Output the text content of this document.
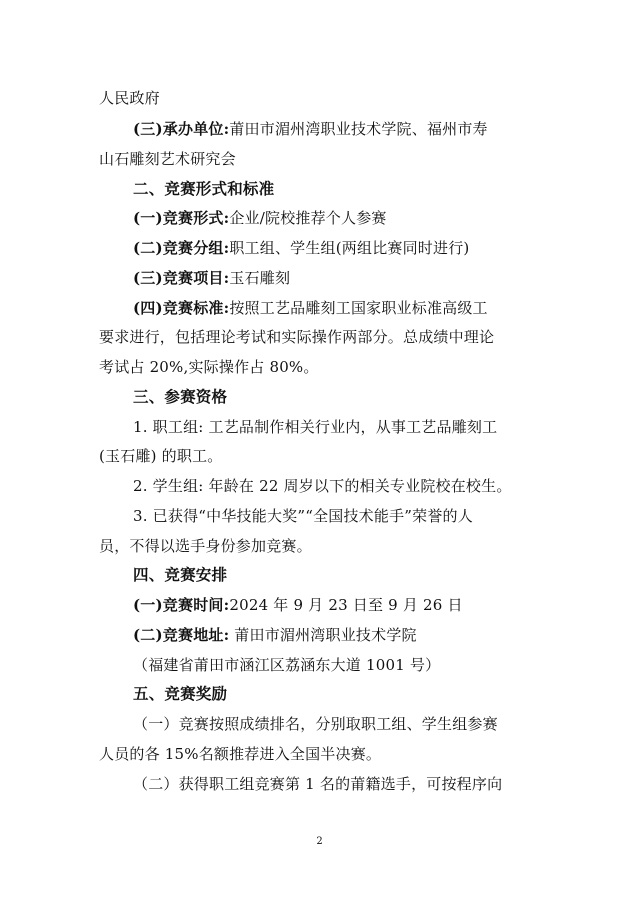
人民政府
(三)承办单位:莆田市湄州湾职业技术学院、福州市寿
山石雕刻艺术研究会
二、竞赛形式和标准
(一)竞赛形式:企业/院校推荐个人参赛
(二)竞赛分组:职工组、学生组(两组比赛同时进行)
(三)竞赛项目:玉石雕刻
(四)竞赛标准:按照工艺品雕刻工国家职业标准高级工
要求进行，包括理论考试和实际操作两部分。总成绩中理论
考试占 20%,实际操作占 80%。
三、参赛资格
1. 职工组: 工艺品制作相关行业内，从事工艺品雕刻工
(玉石雕) 的职工。
2. 学生组: 年龄在 22 周岁以下的相关专业院校在校生。
3. 已获得“中华技能大奖”“全国技术能手”荣誉的人
员，不得以选手身份参加竞赛。
四、竞赛安排
(一)竞赛时间:2024 年 9 月 23 日至 9 月 26 日
(二)竞赛地址: 莆田市湄州湾职业技术学院
（福建省莆田市涵江区荔涵东大道 1001 号）
五、竞赛奖励
（一）竞赛按照成绩排名，分别取职工组、学生组参赛
人员的各 15%名额推荐进入全国半决赛。
（二）获得职工组竞赛第 1 名的莆籍选手，可按程序向
2
